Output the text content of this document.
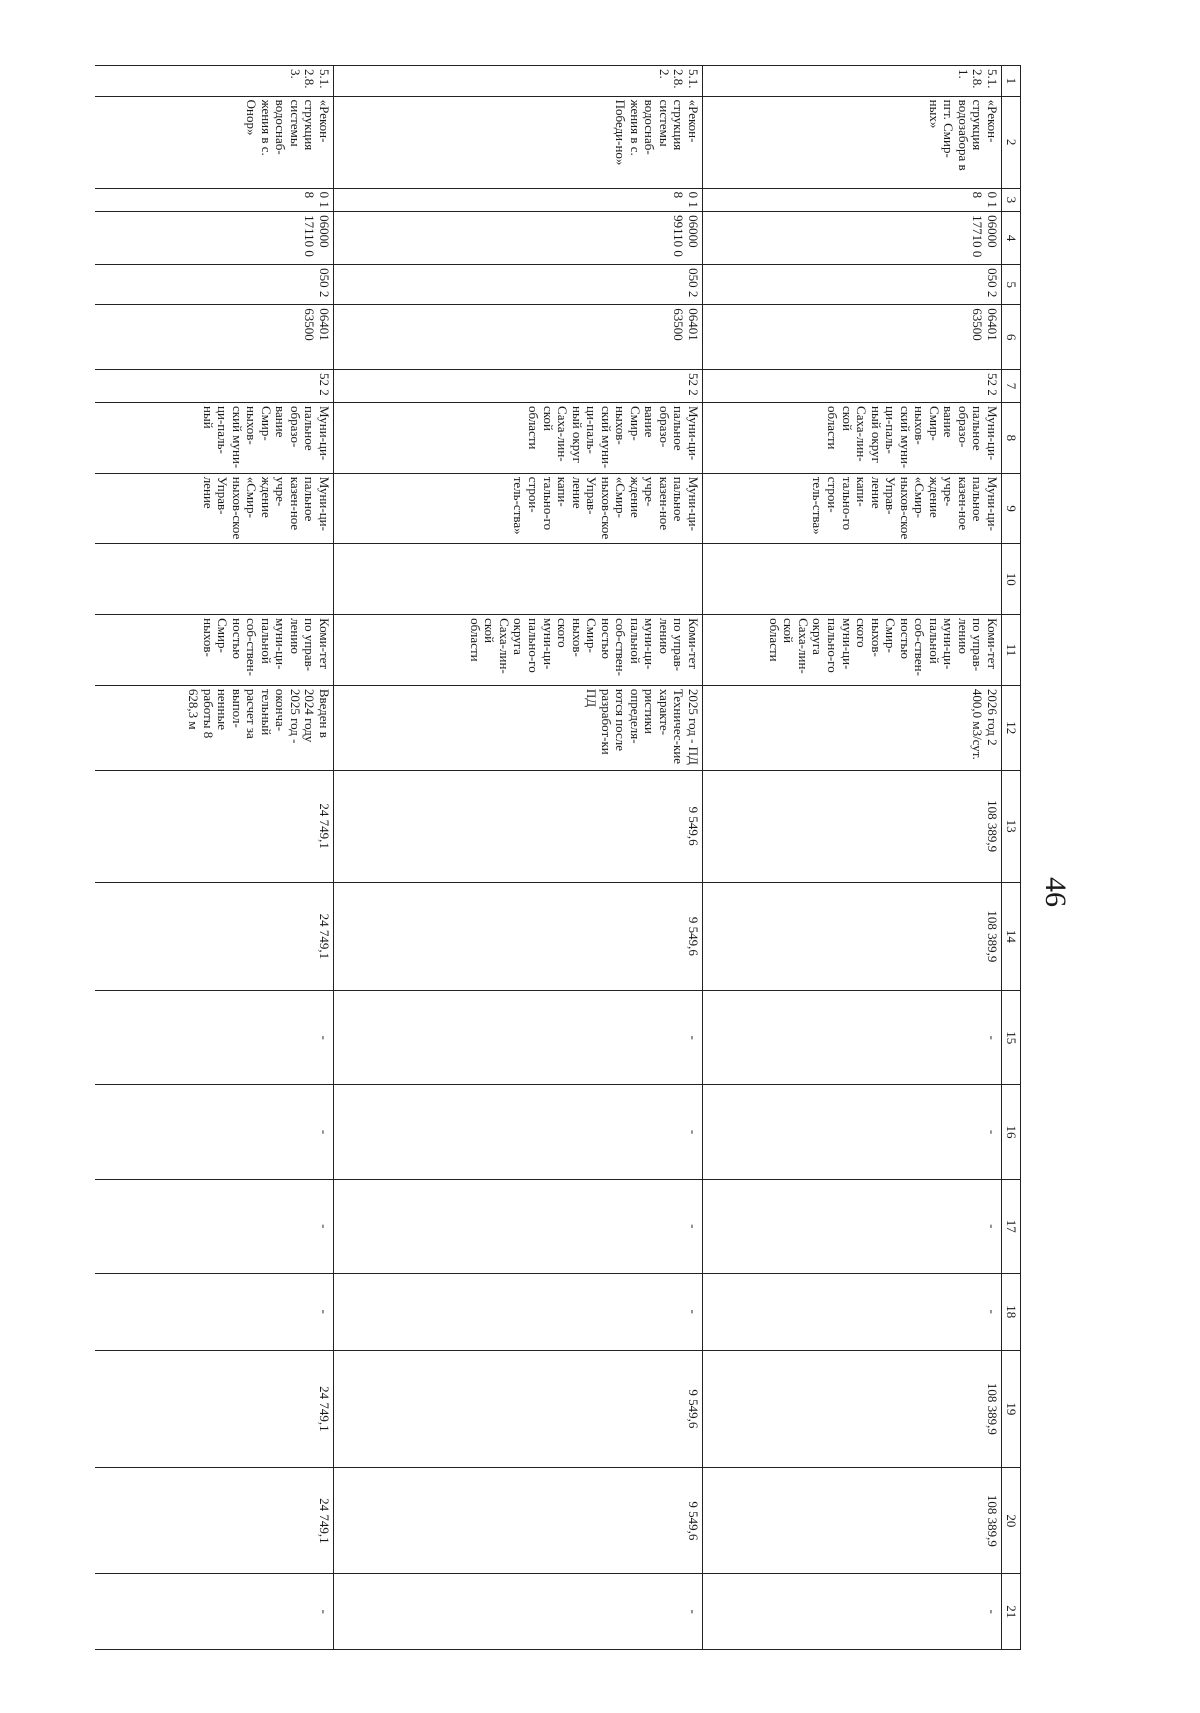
46
1	2	3	4	5	6	7	8	9	10	11	12	13	14	15	16	17	18	19	20	21
5.1.2.8.1.	«Рекон-струкция водозабора в пгт. Смир-ных»	0 1 8	06000 17710 0	050 2	06401 63500	52 2	Муни-ци-пальное образо-вание Смир-ныхов-ский муни-ци-паль-ный округ Саха-лин-ской области	Муни-ци-пальное казен-ное учре-ждение «Смир-ныхов-ское Управ-ление капи-тально-го строи-тель-ства»		Коми-тет по управ-лению муни-ци-пальной соб-ствен-ностью Смир-ныхов-ского муни-ци-пально-го округа Саха-лин-ской области	2026 год 2 400,0 м3/сут.	108 389,9	108 389,9	-	-	-	-	108 389,9	108 389,9	-
5.1.2.8.2.	«Рекон-струкция системы водоснаб-жения в с. Победи-но»	0 1 8	06000 99110 0	050 2	06401 63500	52 2	Муни-ци-пальное образо-вание Смир-ныхов-ский муни-ци-паль-ный округ Саха-лин-ской области	Муни-ци-пальное казен-ное учре-ждение «Смир-ныхов-ское Управ-ление капи-тально-го строи-тель-ства»		Коми-тет по управ-лению муни-ци-пальной соб-ствен-ностью Смир-ныхов-ского муни-ци-пально-го округа Саха-лин-ской области	2025 год - ПД Техничес-кие характе-ристики определя-ются после разработ-ки ПД	9 549,6	9 549,6	-	-	-	-	9 549,6	9 549,6	-
5.1.2.8.3.	«Рекон-струкция системы водоснаб-жения в с. Онор»	0 1 8	06000 17110 0	050 2	06401 63500	52 2	Муни-ци-пальное образо-вание Смир-ныхов-ский муни-ци-паль-ный	Муни-ци-пальное казен-ное учре-ждение «Смир-ныхов-ское Управ-ление		Коми-тет по управ-лению муни-ци-пальной соб-ствен-ностью Смир-ныхов-	Введен в 2024 году 2025 год - оконча-тельный расчет за выпол-ненные работы 8 628,3 м	24 749,1	24 749,1	-	-	-	-	24 749,1	24 749,1	-
